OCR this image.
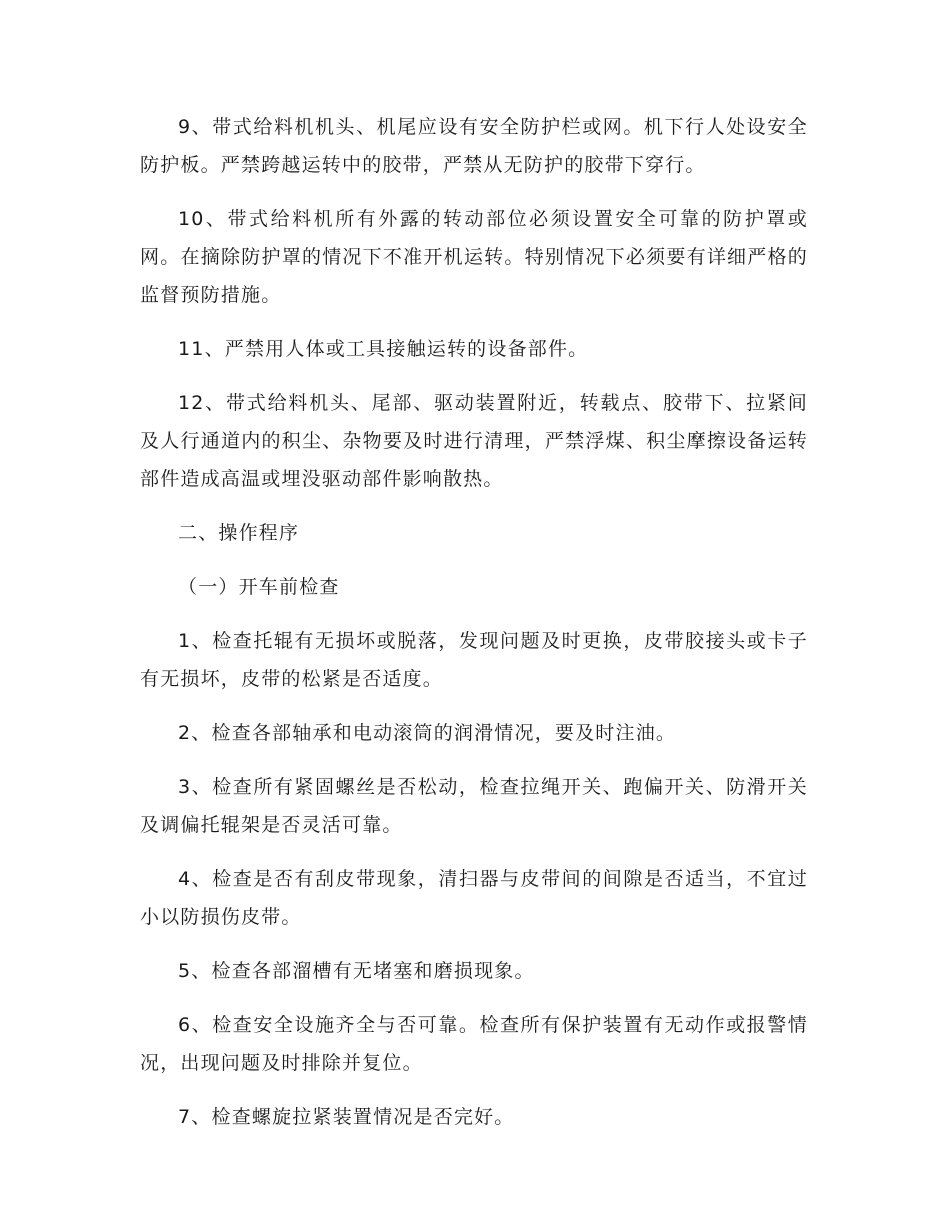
9、带式给料机机头、机尾应设有安全防护栏或网。机下行人处设安全防护板。严禁跨越运转中的胶带，严禁从无防护的胶带下穿行。

10、带式给料机所有外露的转动部位必须设置安全可靠的防护罩或网。在摘除防护罩的情况下不准开机运转。特别情况下必须要有详细严格的监督预防措施。

11、严禁用人体或工具接触运转的设备部件。

12、带式给料机头、尾部、驱动装置附近，转载点、胶带下、拉紧间及人行通道内的积尘、杂物要及时进行清理，严禁浮煤、积尘摩擦设备运转部件造成高温或埋没驱动部件影响散热。

二、操作程序

（一）开车前检查

1、检查托辊有无损坏或脱落，发现问题及时更换，皮带胶接头或卡子有无损坏，皮带的松紧是否适度。

2、检查各部轴承和电动滚筒的润滑情况，要及时注油。

3、检查所有紧固螺丝是否松动，检查拉绳开关、跑偏开关、防滑开关及调偏托辊架是否灵活可靠。

4、检查是否有刮皮带现象，清扫器与皮带间的间隙是否适当，不宜过小以防损伤皮带。

5、检查各部溜槽有无堵塞和磨损现象。

6、检查安全设施齐全与否可靠。检查所有保护装置有无动作或报警情况，出现问题及时排除并复位。

7、检查螺旋拉紧装置情况是否完好。
